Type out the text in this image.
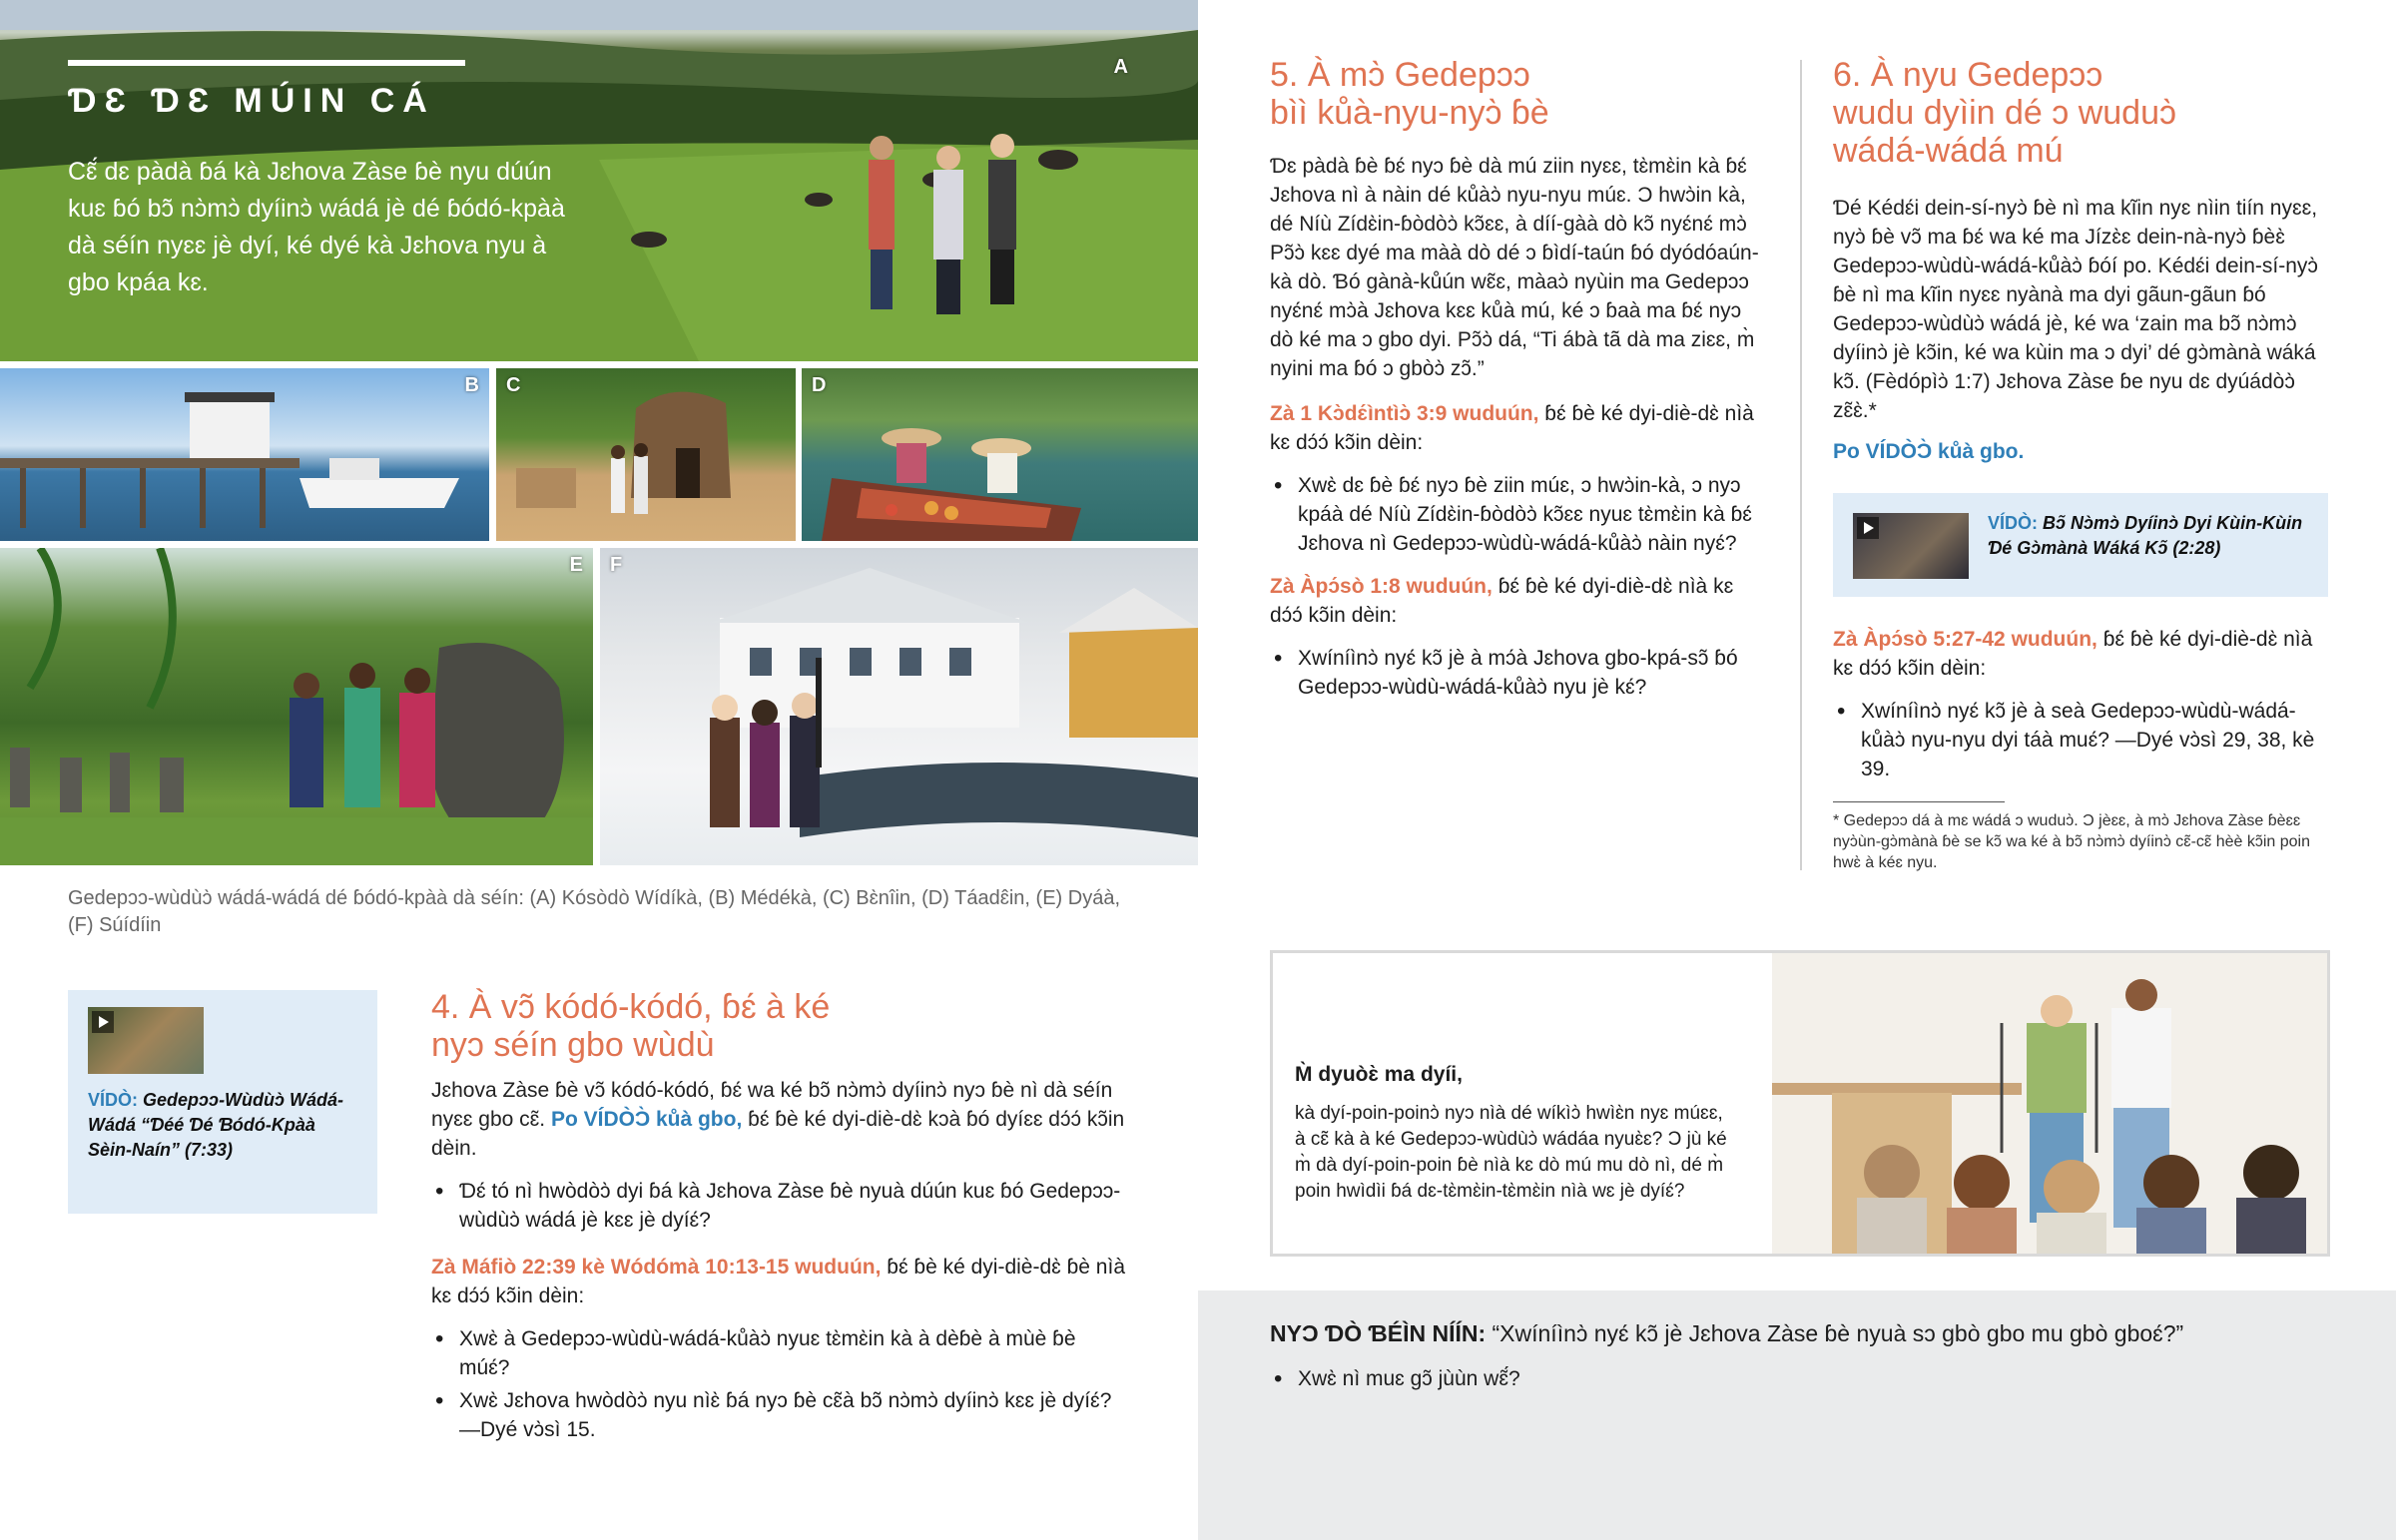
ƊƐ ƊƐ MÚIN CÁ
Cɛ̃́ dɛ pàdà ɓá kà Jɛhova Zàse ɓè nyu dúún kuɛ ɓó bɔ̃ nɔ̀mɔ̀ dyíinɔ̀ wádá jè dé ɓódó-kpàà dà séín nyɛɛ jè dyí, ké dyé kà Jɛhova nyu à gbo kpáa kɛ.
A
B C	D
E F
Gedepɔɔ-wùdùɔ̀ wádá-wádá dé ɓódó-kpàà dà séín: (A) Kósòdò Wídíkà, (B) Médékà, (C) Bɛ̀nîin, (D) Táadɛ̂in, (E) Dyáà, (F) Súídíin
VÍDÒ: Gedepɔɔ-Wùdùɔ̀ Wádá-Wádá “Ɗéé Ɗé Ɓódó-Kpàà Sèin-Naín” (7:33)
4. À vɔ̃ kódó-kódó, ɓɛ́ à ké
nyɔ séín gbo wùdù

Jɛhova Zàse ɓè vɔ̃ kódó-kódó, ɓɛ́ wa ké bɔ̃ nɔ̀mɔ̀ dyíinɔ̀ nyɔ ɓè nì dà séín nyɛɛ gbo cɛ̃. Po VÍDÒƆ̀ kůà gbo, ɓɛ́ ɓè ké dyi-diè-dɛ̀ kɔà ɓó dyíɛɛ dɔ́ɔ́ kɔ̃in dèin.

• Ɗɛ́ tó nì hwòdòɔ̀ dyi ɓá kà Jɛhova Zàse ɓè nyuà dúún kuɛ ɓó Gedepɔɔ-wùdùɔ̀ wádá jè kɛɛ jè dyíɛ́?

Zà Máfiò 22:39 kè Wódómà 10:13-15 wuduún, ɓɛ́ ɓè ké dyi-diè-dɛ̀ ɓè nìà kɛ dɔ́ɔ́ kɔ̃in dèin:

• Xwɛ̀ à Gedepɔɔ-wùdù-wádá-kůàɔ̀ nyuɛ tɛ̀mɛ̀in kà à dèɓè à mùè ɓè múɛ́?
• Xwɛ̀ Jɛhova hwòdòɔ̀ nyu nìɛ̀ ɓá nyɔ ɓè cɛ̃à bɔ̃ nɔ̀mɔ̀ dyíinɔ̀ kɛɛ jè dyíɛ́?—Dyé vɔ̀sì 15.
5. À mɔ̀ Gedepɔɔ
bìì kůà-nyu-nyɔ̀ ɓè

Ɗɛ pàdà ɓè ɓɛ́ nyɔ ɓè dà mú ziin nyɛɛ, tɛ̀mɛ̀in kà ɓɛ́ Jɛhova nì à nàin dé kůàɔ̀ nyu-nyu múɛ. Ɔ hwɔ̀in kà, dé Níù Zídɛ̀in-ɓòdòɔ̀ kɔ̃ɛɛ, à díí-gàà dò kɔ̃ nyɛ́nɛ́ mɔ̀ Pɔ̃ɔ̀ kɛɛ dyé ma màà dò dé ɔ ɓìdí-taún ɓó dyódóaún-kà dò. Ɓó gànà-kůún wɛ̃ɛ, màaɔ̀ nyùin ma Gedepɔɔ nyɛ́nɛ́ mɔ̀à Jɛhova kɛɛ kůà mú, ké ɔ ɓaà ma ɓɛ́ nyɔ dò ké ma ɔ gbo dyi. Pɔ̃ɔ̀ dá, “Ti ábà tã dà ma ziɛɛ, m̀ nyini ma ɓó ɔ gbòɔ̀ zɔ̃.”

Zà 1 Kɔ̀dɛ́ìntìɔ̀ 3:9 wuduún, ɓɛ́ ɓè ké dyi-diè-dɛ̀ nìà kɛ dɔ́ɔ́ kɔ̃in dèin:

• Xwɛ̀ dɛ ɓè ɓɛ́ nyɔ ɓè ziin múɛ, ɔ hwɔ̀in-kà, ɔ nyɔ kpáà dé Níù Zídɛ̀in-ɓòdòɔ̀ kɔ̃ɛɛ nyuɛ tɛ̀mɛ̀in kà ɓɛ́ Jɛhova nì Gedepɔɔ-wùdù-wádá-kůàɔ̀ nàin nyɛ́?

Zà Àpɔ́sò 1:8 wuduún, ɓɛ́ ɓè ké dyi-diè-dɛ̀ nìà kɛ dɔ́ɔ́ kɔ̃in dèin:

• Xwíníìnɔ̀ nyɛ́ kɔ̃ jè à mɔ́à Jɛhova gbo-kpá-sɔ̃ ɓó Gedepɔɔ-wùdù-wádá-kůàɔ̀ nyu jè kɛ́?
6. À nyu Gedepɔɔ
wudu dyìin dé ɔ wuduɔ̀
wádá-wádá mú

Ɗé Kédɛ́i dein-sí-nyɔ̀ ɓè nì ma kĩin nyɛ nìin tiín nyɛɛ, nyɔ̀ ɓè vɔ̃ ma ɓɛ́ wa ké ma Jízɛ̀ɛ dein-nà-nyɔ̀ ɓèɛ̀ Gedepɔɔ-wùdù-wádá-kůàɔ̀ ɓóí po. Kédɛ́i dein-sí-nyɔ̀ ɓè nì ma kĩin nyɛɛ nyànà ma dyi gãun-gãun ɓó Gedepɔɔ-wùdùɔ̀ wádá jè, ké wa ‘zain ma bɔ̃ nɔ̀mɔ̀ dyíinɔ̀ jè kɔ̃in, ké wa kùin ma ɔ dyi’ dé gɔ̀mànà wáká kɔ̃. (Fèdópìɔ̀ 1:7) Jɛhova Zàse ɓe nyu dɛ dyúádòɔ̀ zɛ̃ɛ̀.*

Po VÍDÒƆ̀ kůà gbo.

VÍDÒ: Bɔ̃ Nɔ̀mɔ̀ Dyíinɔ̀ Dyi Kùin-Kùin Ɗé Gɔ̀mànà Wáká Kɔ̃ (2:28)

Zà Àpɔ́sò 5:27-42 wuduún, ɓɛ́ ɓè ké dyi-diè-dɛ̀ nìà kɛ dɔ́ɔ́ kɔ̃in dèin:

• Xwíníìnɔ̀ nyɛ́ kɔ̃ jè à seà Gedepɔɔ-wùdù-wádá-kůàɔ̀ nyu-nyu dyi táà muɛ́? —Dyé vɔ̀sì 29, 38, kè 39.
* Gedepɔɔ dá à mɛ wádá ɔ wuduɔ̀. Ɔ jèɛɛ, à mɔ̀ Jɛhova Zàse ɓèɛɛ nyɔ̀ùn-gɔ̀mànà ɓè se kɔ̃ wa ké à bɔ̃ nɔ̀mɔ̀ dyíinɔ̀ cɛ̃-cɛ̃ hèè kɔ̃in poin hwɛ̀ à kéɛ nyu.
M̀ dyuòɛ̀ ma dyíi,
kà dyí-poin-poinɔ̀ nyɔ nìà dé wíkìɔ̀ hwìɛ̀n nyɛ múɛɛ, à cɛ̃ kà à ké Gedepɔɔ-wùdùɔ̀ wádáa nyuɛ̀ɛ? Ɔ jù ké m̀ dà dyí-poin-poin ɓè nìà kɛ dò mú mu dò nì, dé m̀ poin hwìdìi ɓá dɛ-tɛ̀mɛ̀in-tɛ̀mɛ̀in nìà wɛ jè dyíɛ́?
NYƆ ƊÒ ƁÉÌN NÍÍN: “Xwíníìnɔ̀ nyɛ́ kɔ̃ jè Jɛhova Zàse ɓè nyuà sɔ gbò gbo mu gbò gboɛ́?”
• Xwɛ̀ nì muɛ gɔ̃ jùùn wɛ̃́?
